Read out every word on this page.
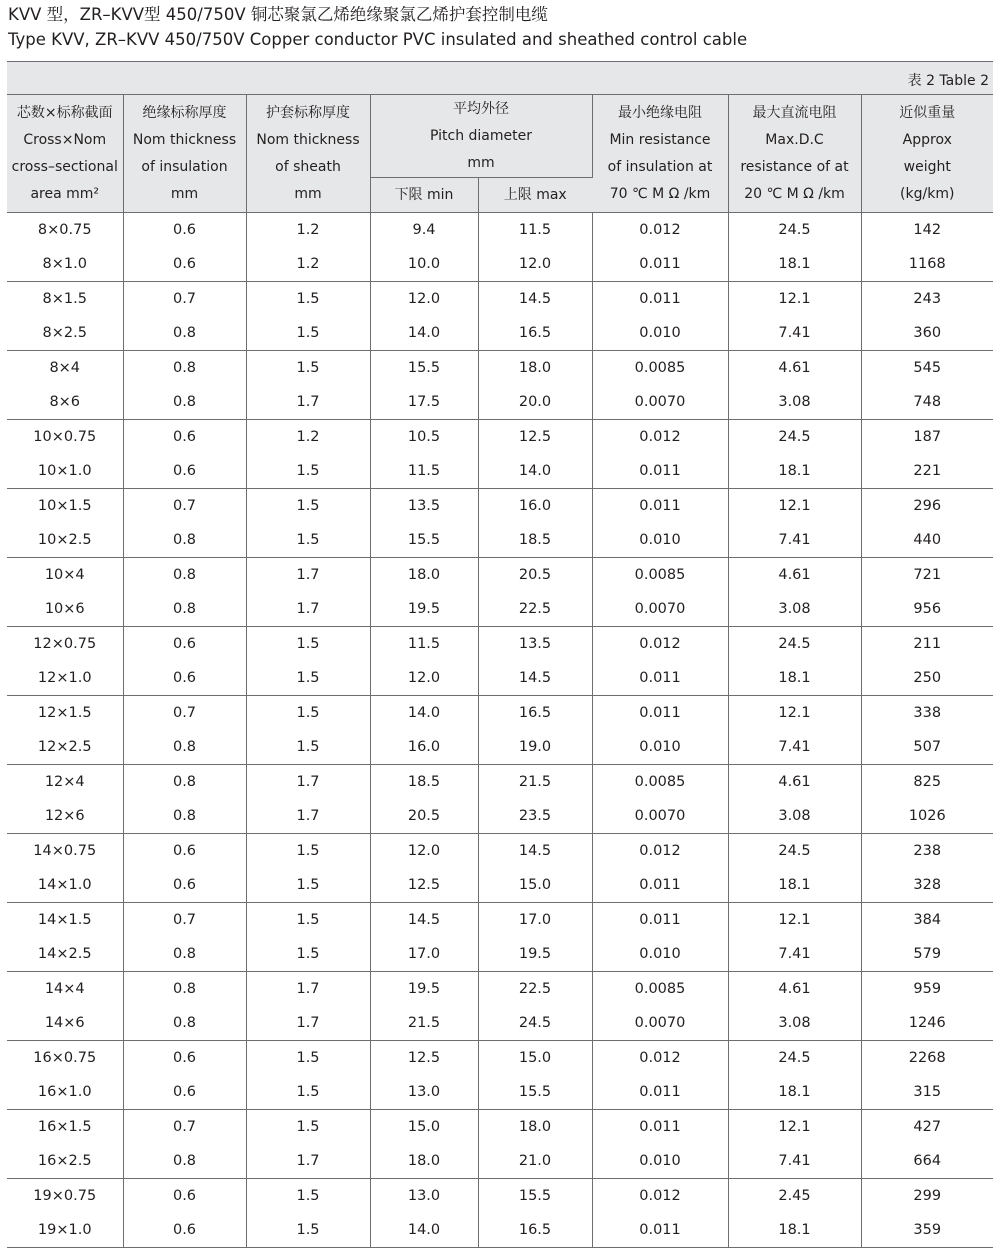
KVV 型，ZR–KVV型 450/750V 铜芯聚氯乙烯绝缘聚氯乙烯护套控制电缆
Type KVV, ZR–KVV 450/750V Copper conductor PVC insulated and sheathed control cable
表 2 Table 2
芯数×标称截面
Cross×Nom
cross–sectional
area mm²	绝缘标称厚度
Nom thickness
of insulation
mm	护套标称厚度
Nom thickness
of sheath
mm	平均外径
Pitch diameter
mm		最小绝缘电阻
Min resistance
of insulation at
70 ℃ M Ω /km	最大直流电阻
Max.D.C
resistance of at
20 ℃ M Ω /km	近似重量
Approx
weight
(kg/km)

			下限 min	上限 max			
8×0.75	0.6	1.2	9.4	11.5	0.012	24.5	142
8×1.0	0.6	1.2	10.0	12.0	0.011	18.1	1168
8×1.5	0.7	1.5	12.0	14.5	0.011	12.1	243
8×2.5	0.8	1.5	14.0	16.5	0.010	7.41	360
8×4	0.8	1.5	15.5	18.0	0.0085	4.61	545
8×6	0.8	1.7	17.5	20.0	0.0070	3.08	748
10×0.75	0.6	1.2	10.5	12.5	0.012	24.5	187
10×1.0	0.6	1.5	11.5	14.0	0.011	18.1	221
10×1.5	0.7	1.5	13.5	16.0	0.011	12.1	296
10×2.5	0.8	1.5	15.5	18.5	0.010	7.41	440
10×4	0.8	1.7	18.0	20.5	0.0085	4.61	721
10×6	0.8	1.7	19.5	22.5	0.0070	3.08	956
12×0.75	0.6	1.5	11.5	13.5	0.012	24.5	211
12×1.0	0.6	1.5	12.0	14.5	0.011	18.1	250
12×1.5	0.7	1.5	14.0	16.5	0.011	12.1	338
12×2.5	0.8	1.5	16.0	19.0	0.010	7.41	507
12×4	0.8	1.7	18.5	21.5	0.0085	4.61	825
12×6	0.8	1.7	20.5	23.5	0.0070	3.08	1026
14×0.75	0.6	1.5	12.0	14.5	0.012	24.5	238
14×1.0	0.6	1.5	12.5	15.0	0.011	18.1	328
14×1.5	0.7	1.5	14.5	17.0	0.011	12.1	384
14×2.5	0.8	1.5	17.0	19.5	0.010	7.41	579
14×4	0.8	1.7	19.5	22.5	0.0085	4.61	959
14×6	0.8	1.7	21.5	24.5	0.0070	3.08	1246
16×0.75	0.6	1.5	12.5	15.0	0.012	24.5	2268
16×1.0	0.6	1.5	13.0	15.5	0.011	18.1	315
16×1.5	0.7	1.5	15.0	18.0	0.011	12.1	427
16×2.5	0.8	1.7	18.0	21.0	0.010	7.41	664
19×0.75	0.6	1.5	13.0	15.5	0.012	2.45	299
19×1.0	0.6	1.5	14.0	16.5	0.011	18.1	359
